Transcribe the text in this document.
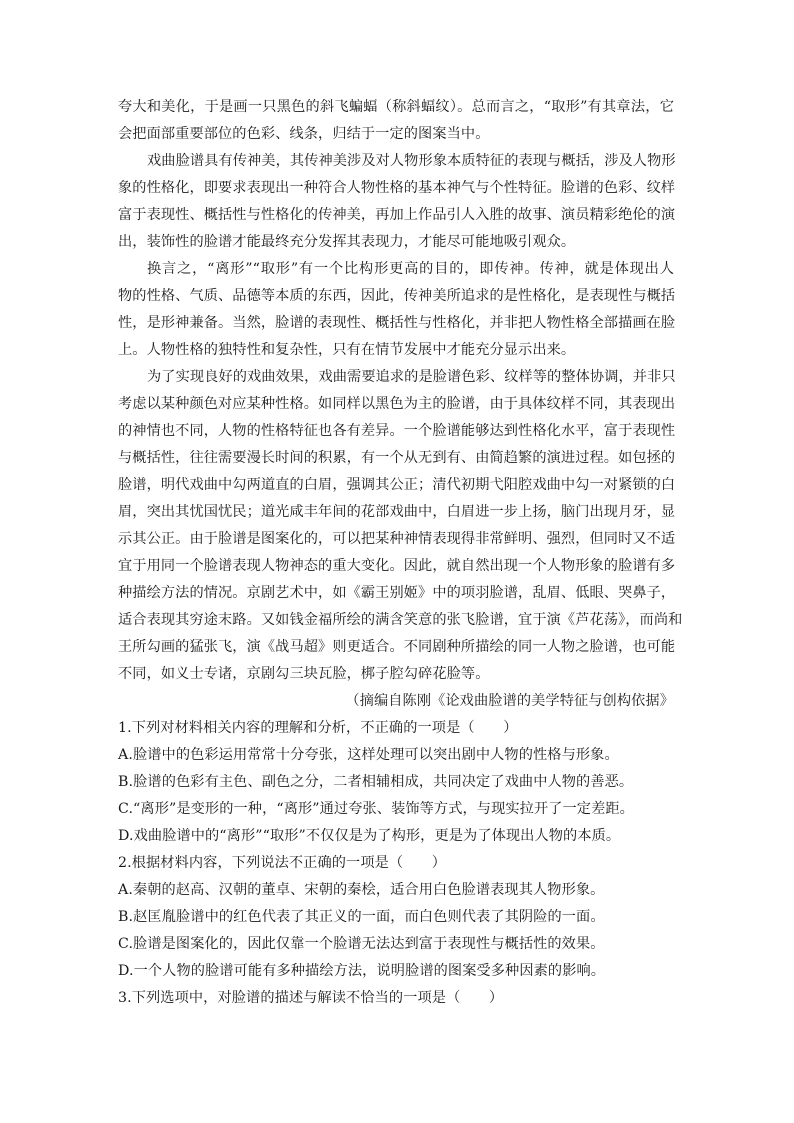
夸大和美化，于是画一只黑色的斜飞蝙蝠（称斜蝠纹）。总而言之，“取形”有其章法，它
会把面部重要部位的色彩、线条，归结于一定的图案当中。
戏曲脸谱具有传神美，其传神美涉及对人物形象本质特征的表现与概括，涉及人物形
象的性格化，即要求表现出一种符合人物性格的基本神气与个性特征。脸谱的色彩、纹样
富于表现性、概括性与性格化的传神美，再加上作品引人入胜的故事、演员精彩绝伦的演
出，装饰性的脸谱才能最终充分发挥其表现力，才能尽可能地吸引观众。
换言之，“离形”“取形”有一个比构形更高的目的，即传神。传神，就是体现出人
物的性格、气质、品德等本质的东西，因此，传神美所追求的是性格化，是表现性与概括
性，是形神兼备。当然，脸谱的表现性、概括性与性格化，并非把人物性格全部描画在脸
上。人物性格的独特性和复杂性，只有在情节发展中才能充分显示出来。
为了实现良好的戏曲效果，戏曲需要追求的是脸谱色彩、纹样等的整体协调，并非只
考虑以某种颜色对应某种性格。如同样以黑色为主的脸谱，由于具体纹样不同，其表现出
的神情也不同，人物的性格特征也各有差异。一个脸谱能够达到性格化水平，富于表现性
与概括性，往往需要漫长时间的积累，有一个从无到有、由简趋繁的演进过程。如包拯的
脸谱，明代戏曲中勾两道直的白眉，强调其公正；清代初期弋阳腔戏曲中勾一对紧锁的白
眉，突出其忧国忧民；道光咸丰年间的花部戏曲中，白眉进一步上扬，脑门出现月牙，显
示其公正。由于脸谱是图案化的，可以把某种神情表现得非常鲜明、强烈，但同时又不适
宜于用同一个脸谱表现人物神态的重大变化。因此，就自然出现一个人物形象的脸谱有多
种描绘方法的情况。京剧艺术中，如《霸王别姬》中的项羽脸谱，乱眉、低眼、哭鼻子，
适合表现其穷途末路。又如钱金福所绘的满含笑意的张飞脸谱，宜于演《芦花荡》，而尚和
王所勾画的猛张飞，演《战马超》则更适合。不同剧种所描绘的同一人物之脸谱，也可能
不同，如义士专诸，京剧勾三块瓦脸，梆子腔勾碎花脸等。
（摘编自陈刚《论戏曲脸谱的美学特征与创构依据》
1.下列对材料相关内容的理解和分析，不正确的一项是（　　）
A.脸谱中的色彩运用常常十分夸张，这样处理可以突出剧中人物的性格与形象。
B.脸谱的色彩有主色、副色之分，二者相辅相成，共同决定了戏曲中人物的善恶。
C.“离形”是变形的一种，“离形”通过夸张、装饰等方式，与现实拉开了一定差距。
D.戏曲脸谱中的“离形”“取形”不仅仅是为了构形，更是为了体现出人物的本质。
2.根据材料内容，下列说法不正确的一项是（　　）
A.秦朝的赵高、汉朝的董卓、宋朝的秦桧，适合用白色脸谱表现其人物形象。
B.赵匡胤脸谱中的红色代表了其正义的一面，而白色则代表了其阴险的一面。
C.脸谱是图案化的，因此仅靠一个脸谱无法达到富于表现性与概括性的效果。
D.一个人物的脸谱可能有多种描绘方法，说明脸谱的图案受多种因素的影响。
3.下列选项中，对脸谱的描述与解读不恰当的一项是（　　）
